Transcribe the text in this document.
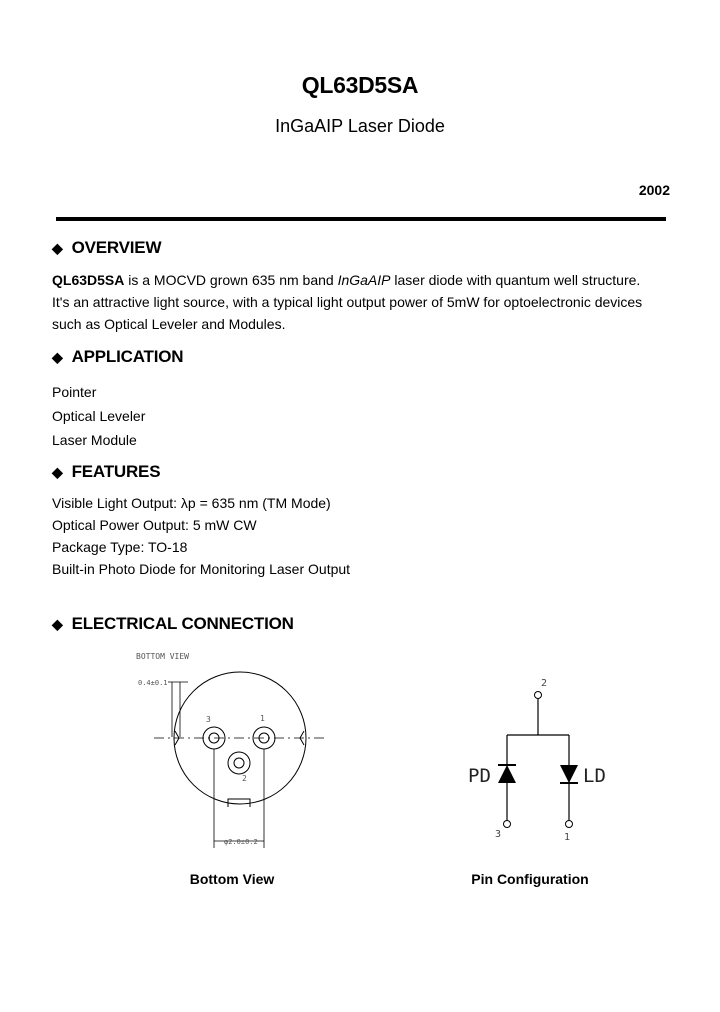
QL63D5SA
InGaAIP Laser Diode
2002
◆ OVERVIEW
QL63D5SA is a MOCVD grown 635 nm band InGaAIP laser diode with quantum well structure.
It's an attractive light source, with a typical light output power of 5mW for optoelectronic devices
such as Optical Leveler and Modules.
◆ APPLICATION
Pointer
Optical Leveler
Laser Module
◆ FEATURES
Visible Light Output: λp = 635 nm (TM Mode)
Optical Power Output: 5 mW CW
Package Type: TO-18
Built-in Photo Diode for Monitoring Laser Output
◆ ELECTRICAL CONNECTION
BOTTOM VIEW
0.4±0.1
3	1
2
φ2.0±0.2
Bottom View
2
PD	LD
3	1
Pin Configuration
